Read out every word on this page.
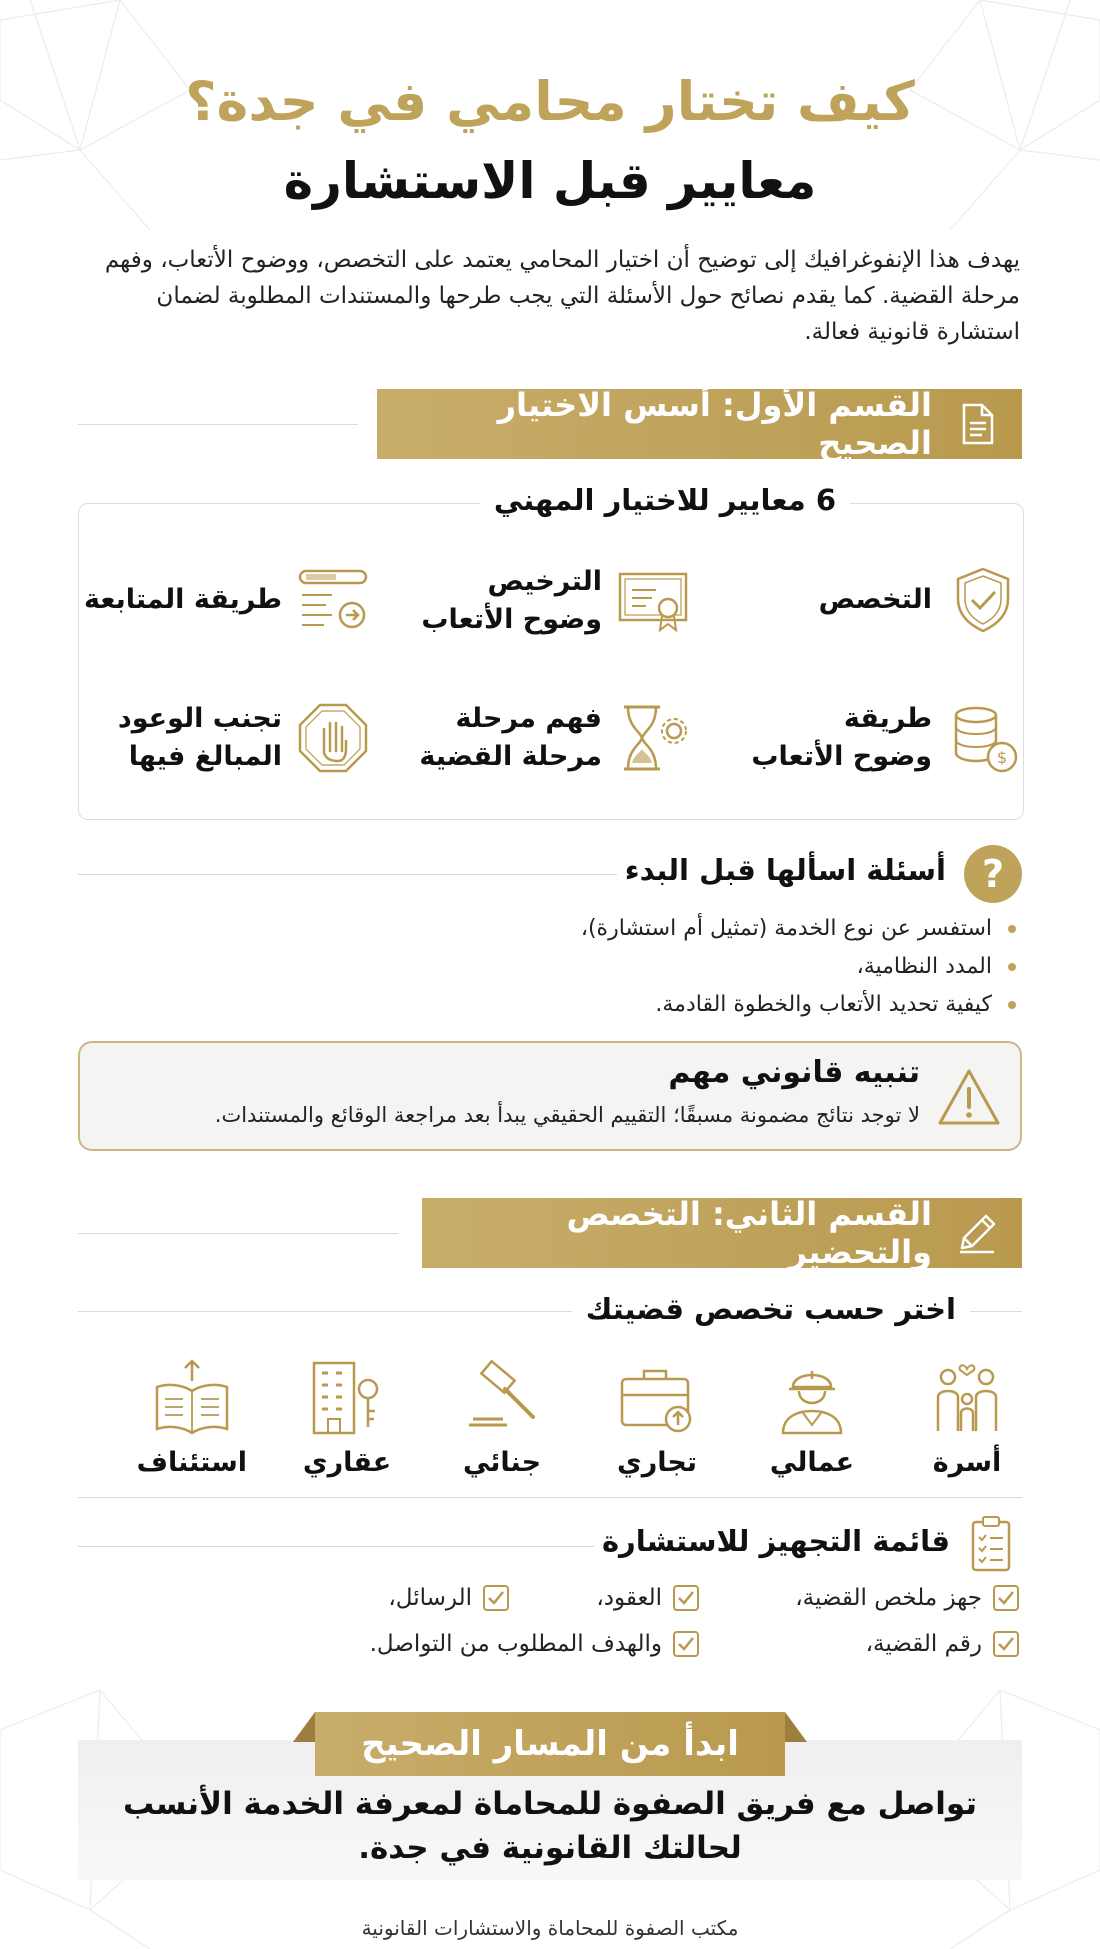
كيف تختار محامي في جدة؟
معايير قبل الاستشارة

يهدف هذا الإنفوغرافيك إلى توضيح أن اختيار المحامي يعتمد على التخصص، ووضوح الأتعاب، وفهم مرحلة القضية. كما يقدم نصائح حول الأسئلة التي يجب طرحها والمستندات المطلوبة لضمان استشارة قانونية فعالة.

القسم الأول: أسس الاختيار الصحيح
6 معايير للاختيار المهني
التخصص
الترخيص
وضوح الأتعاب
طريقة المتابعة
$
طريقة
وضوح الأتعاب
فهم مرحلة
مرحلة القضية
تجنب الوعود
المبالغ فيها
?
أسئلة اسألها قبل البدء
استفسر عن نوع الخدمة (تمثيل أم استشارة)،
المدد النظامية،
كيفية تحديد الأتعاب والخطوة القادمة.
تنبيه قانوني مهم
لا توجد نتائج مضمونة مسبقًا؛ التقييم الحقيقي يبدأ بعد مراجعة الوقائع والمستندات.
القسم الثاني: التخصص والتحضير
اختر حسب تخصص قضيتك
أسرة
عمالي
تجاري
جنائي
عقاري
استئناف
قائمة التجهيز للاستشارة
جهز ملخص القضية،
العقود،
الرسائل،
رقم القضية،
والهدف المطلوب من التواصل.
ابدأ من المسار الصحيح

تواصل مع فريق الصفوة للمحاماة لمعرفة الخدمة الأنسب لحالتك القانونية في جدة.

مكتب الصفوة للمحاماة والاستشارات القانونية
